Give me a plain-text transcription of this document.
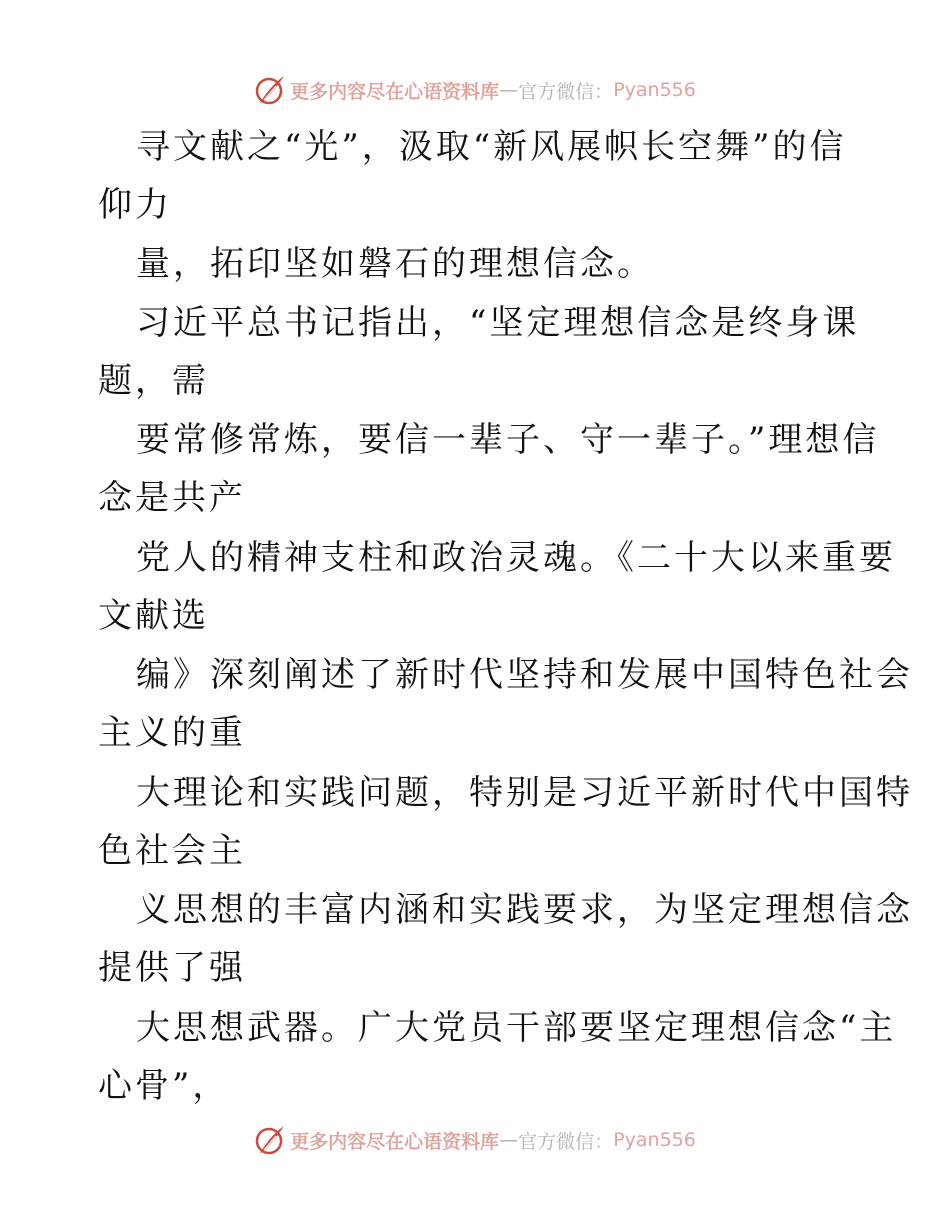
更多内容尽在心语资料库 — 官方微信： Pyan556
寻文献之“光”，汲取“新风展帜长空舞”的信
仰力
量，拓印坚如磐石的理想信念。
习近平总书记指出，“坚定理想信念是终身课
题，需
要常修常炼，要信一辈子、守一辈子。”理想信
念是共产
党人的精神支柱和政治灵魂。《二十大以来重要
文献选
编》深刻阐述了新时代坚持和发展中国特色社会
主义的重
大理论和实践问题，特别是习近平新时代中国特
色社会主
义思想的丰富内涵和实践要求，为坚定理想信念
提供了强
大思想武器。广大党员干部要坚定理想信念“主
心骨”，
更多内容尽在心语资料库 — 官方微信： Pyan556
